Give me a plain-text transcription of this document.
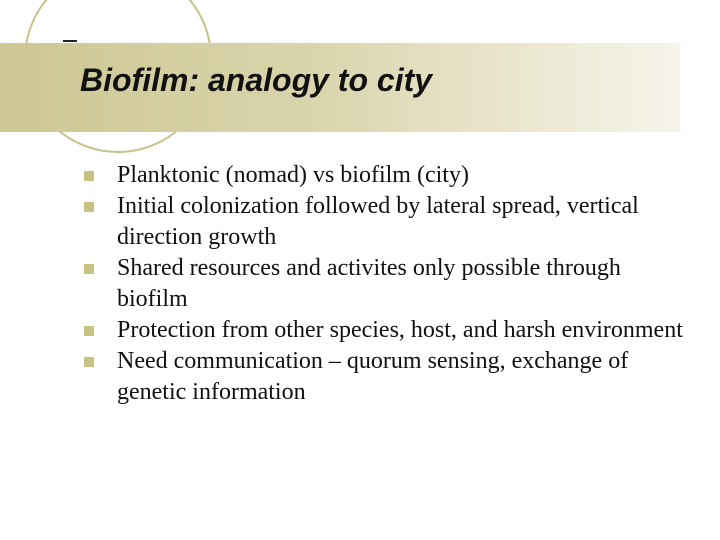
Biofilm: analogy to city
Planktonic (nomad) vs biofilm (city)
Initial colonization followed by lateral spread, vertical direction growth
Shared resources and activites only possible through biofilm
Protection from other species, host, and harsh environment
Need communication – quorum sensing, exchange of genetic information
